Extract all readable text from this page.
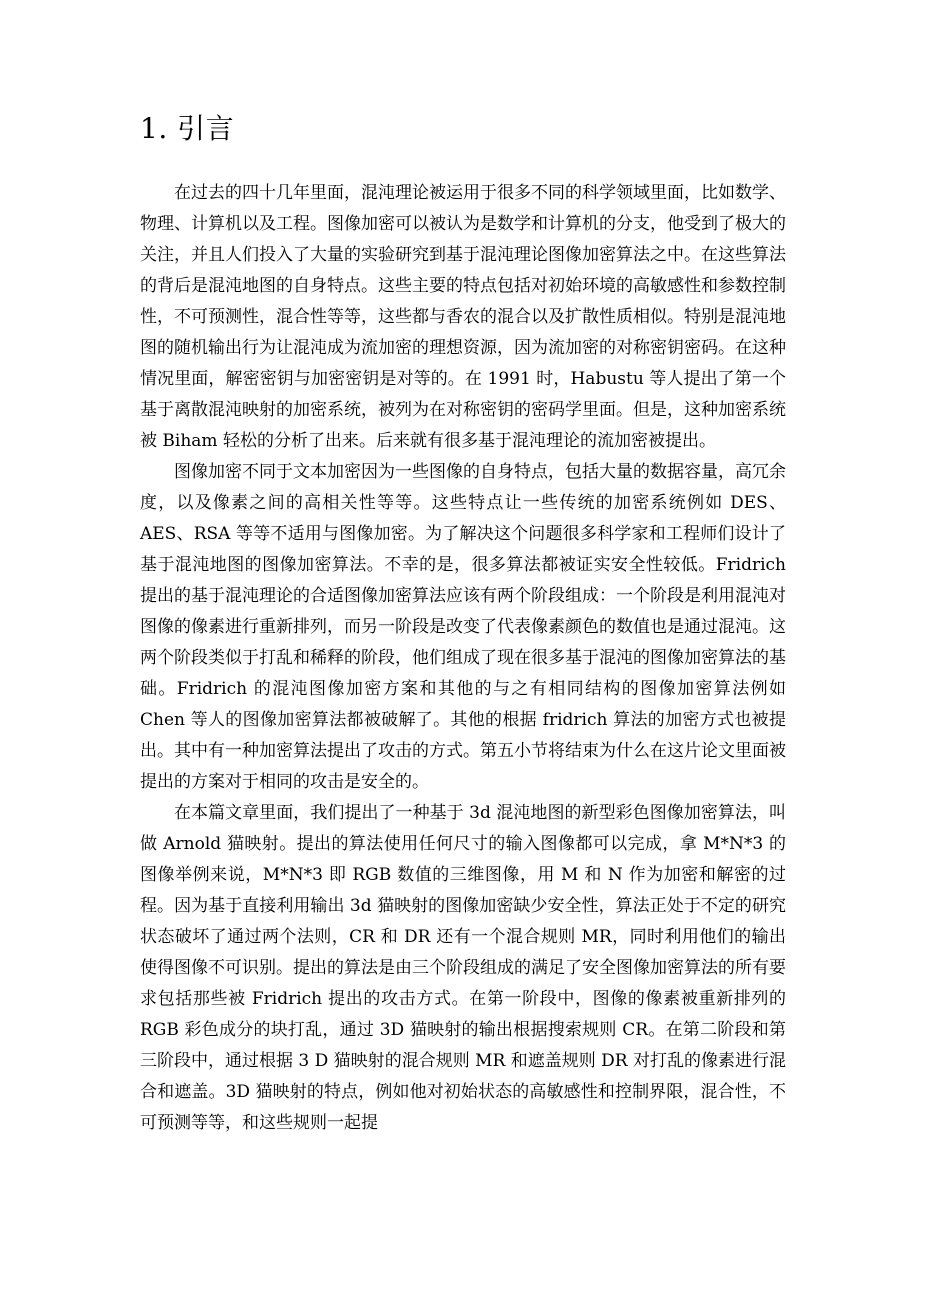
1. 引言

在过去的四十几年里面，混沌理论被运用于很多不同的科学领域里面，比如数学、物理、计算机以及工程。图像加密可以被认为是数学和计算机的分支，他受到了极大的关注，并且人们投入了大量的实验研究到基于混沌理论图像加密算法之中。在这些算法的背后是混沌地图的自身特点。这些主要的特点包括对初始环境的高敏感性和参数控制性，不可预测性，混合性等等，这些都与香农的混合以及扩散性质相似。特别是混沌地图的随机输出行为让混沌成为流加密的理想资源，因为流加密的对称密钥密码。在这种情况里面，解密密钥与加密密钥是对等的。在 1991 时，Habustu 等人提出了第一个基于离散混沌映射的加密系统，被列为在对称密钥的密码学里面。但是，这种加密系统被 Biham 轻松的分析了出来。后来就有很多基于混沌理论的流加密被提出。

图像加密不同于文本加密因为一些图像的自身特点，包括大量的数据容量，高冗余度，以及像素之间的高相关性等等。这些特点让一些传统的加密系统例如 DES、AES、RSA 等等不适用与图像加密。为了解决这个问题很多科学家和工程师们设计了基于混沌地图的图像加密算法。不幸的是，很多算法都被证实安全性较低。Fridrich 提出的基于混沌理论的合适图像加密算法应该有两个阶段组成：一个阶段是利用混沌对图像的像素进行重新排列，而另一阶段是改变了代表像素颜色的数值也是通过混沌。这两个阶段类似于打乱和稀释的阶段，他们组成了现在很多基于混沌的图像加密算法的基础。Fridrich 的混沌图像加密方案和其他的与之有相同结构的图像加密算法例如 Chen 等人的图像加密算法都被破解了。其他的根据 fridrich 算法的加密方式也被提出。其中有一种加密算法提出了攻击的方式。第五小节将结束为什么在这片论文里面被提出的方案对于相同的攻击是安全的。

在本篇文章里面，我们提出了一种基于 3d 混沌地图的新型彩色图像加密算法，叫做 Arnold 猫映射。提出的算法使用任何尺寸的输入图像都可以完成，拿 M*N*3 的图像举例来说，M*N*3 即 RGB 数值的三维图像，用 M 和 N 作为加密和解密的过程。因为基于直接利用输出 3d 猫映射的图像加密缺少安全性，算法正处于不定的研究状态破坏了通过两个法则，CR 和 DR 还有一个混合规则 MR，同时利用他们的输出使得图像不可识别。提出的算法是由三个阶段组成的满足了安全图像加密算法的所有要求包括那些被 Fridrich 提出的攻击方式。在第一阶段中，图像的像素被重新排列的 RGB 彩色成分的块打乱，通过 3D 猫映射的输出根据搜索规则 CR。在第二阶段和第三阶段中，通过根据 3 D 猫映射的混合规则 MR 和遮盖规则 DR 对打乱的像素进行混合和遮盖。3D 猫映射的特点，例如他对初始状态的高敏感性和控制界限，混合性，不可预测等等，和这些规则一起提
